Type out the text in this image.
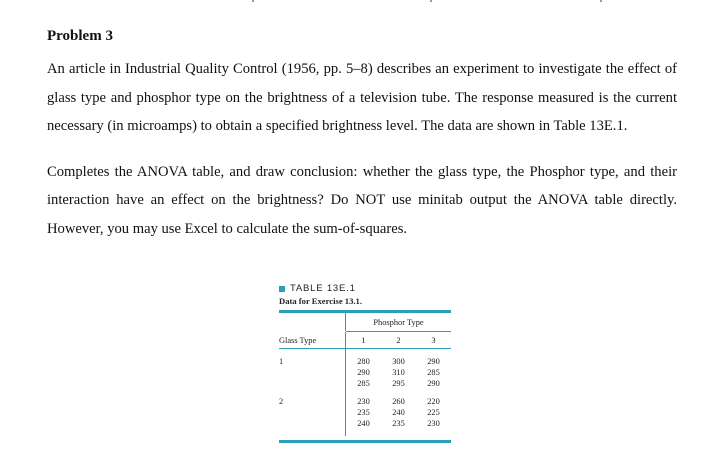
Problem 3

An article in Industrial Quality Control (1956, pp. 5–8) describes an experiment to investigate the effect of glass type and phosphor type on the brightness of a television tube. The response measured is the current necessary (in microamps) to obtain a specified brightness level. The data are shown in Table 13E.1.

Completes the ANOVA table, and draw conclusion: whether the glass type, the Phosphor type, and their interaction have an effect on the brightness? Do NOT use minitab output the ANOVA table directly. However, you may use Excel to calculate the sum-of-squares.

TABLE 13E.1
Data for Exercise 13.1.
	Phosphor Type		

Glass Type	1	2	3

1	280	300	290
	290	310	285
	285	295	290

2	230	260	220
	235	240	225
	240	235	230
